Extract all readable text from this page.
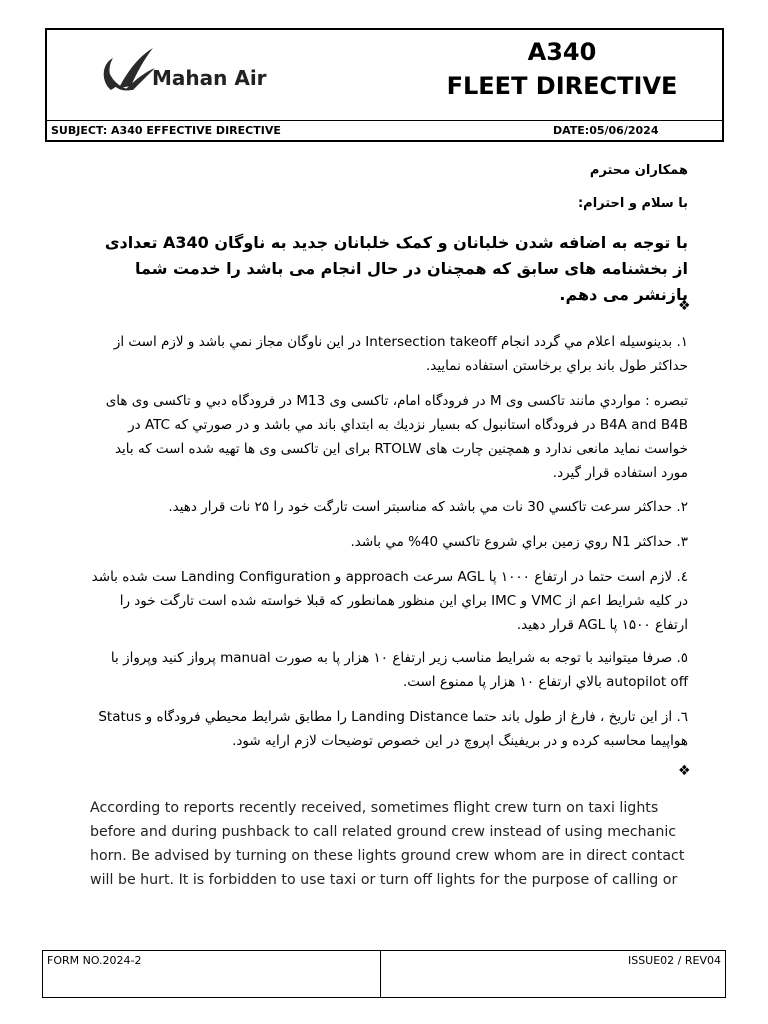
Mahan Air
A340
FLEET DIRECTIVE
SUBJECT: A340 EFFECTIVE DIRECTIVE	DATE:05/06/2024
همکاران محترم
با سلام و احترام:
با توجه به اضافه شدن خلبانان و کمک خلبانان جدید به ناوگان A340 تعدادی از بخشنامه های سابق که همچنان در حال انجام می باشد را خدمت شما بازنشر می دهم.
❖
۱. بدينوسيله اعلام مي گردد انجام Intersection takeoff در اين ناوگان مجاز نمي باشد و لازم است از حداكثر طول باند براي برخاستن استفاده نمايید.
تبصره : مواردي مانند تاکسی وی M در فرودگاه امام، تاکسی وی M13 در فرودگاه دبي و تاکسی وی های B4A and B4B در فرودگاه استانبول كه بسيار نزديك به ابتداي باند مي باشد و در صورتي كه ATC در خواست نمايد مانعی ندارد و همچنین چارت های RTOLW برای این تاکسی وی ها تهیه شده است كه بايد مورد استفاده قرار گیرد.
۲. حداكثر سرعت تاكسي 30 نات مي باشد كه مناسبتر است تارگت خود را ۲۵ نات قرار دهيد.
۳. حداكثر N1 روي زمين براي شروع تاكسي 40% مي باشد.
٤. لازم است حتما در ارتفاع ۱۰۰۰ پا AGL سرعت approach و Landing Configuration ست شده باشد در كليه شرايط اعم از VMC و IMC براي اين منظور همانطور كه قبلا خواسته شده است تارگت خود را ارتفاع ۱۵۰۰ پا AGL قرار دهيد.
٥. صرفا میتوانید با توجه به شرايط مناسب زير ارتفاع ۱۰ هزار پا به صورت manual پرواز كنيد وپرواز با autopilot off بالاي ارتفاع ۱۰ هزار پا ممنوع است.
٦. از اين تاريخ ، فارغ از طول باند حتما Landing Distance را مطابق شرايط محيطي فرودگاه و Status هواپيما محاسبه كرده و در بريفينگ اپروچ در اين خصوص توضيحات لازم ارايه شود.
❖
According to reports recently received, sometimes flight crew turn on taxi lights before and during pushback to call related ground crew instead of using mechanic horn. Be advised by turning on these lights ground crew whom are in direct contact will be hurt. It is forbidden to use taxi or turn off lights for the purpose of calling or
FORM NO.2024-2	ISSUE02 / REV04
